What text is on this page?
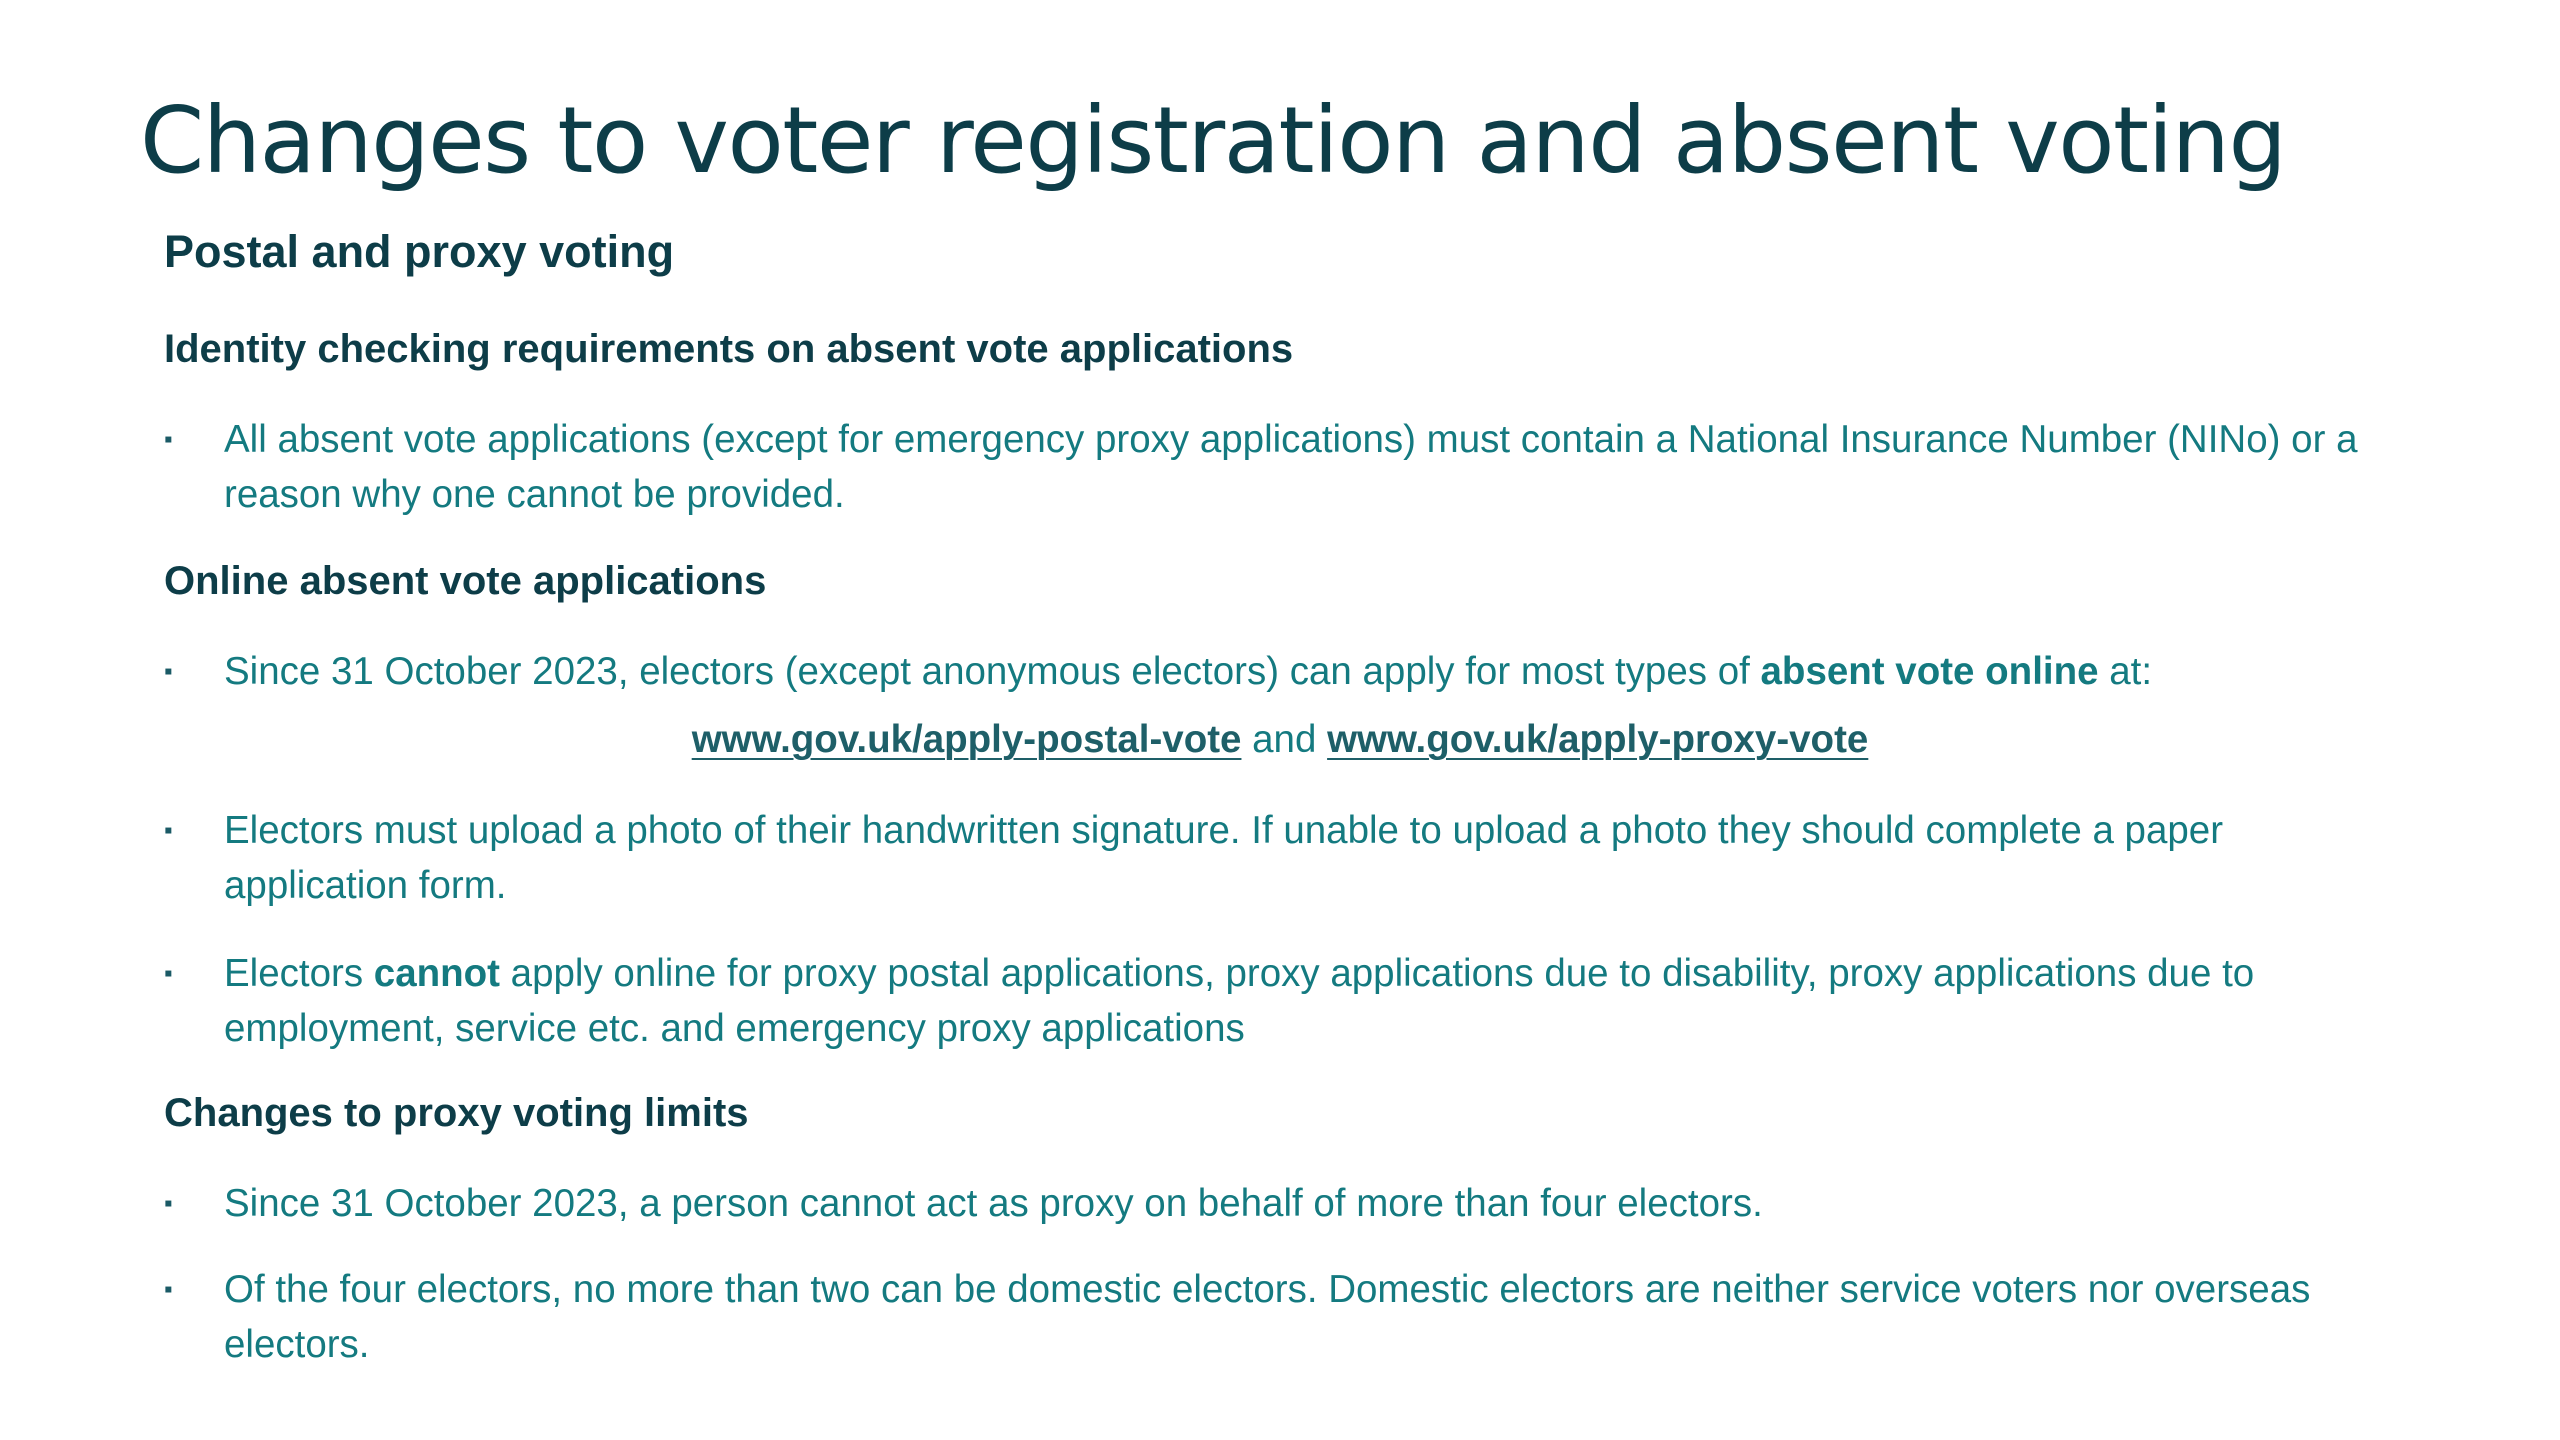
Changes to voter registration and absent voting
Postal and proxy voting
Identity checking requirements on absent vote applications
▪	All absent vote applications (except for emergency proxy applications) must contain a National Insurance Number (NINo) or a reason why one cannot be provided.
Online absent vote applications
▪	Since 31 October 2023, electors (except anonymous electors) can apply for most types of absent vote online at:
www.gov.uk/apply-postal-vote and www.gov.uk/apply-proxy-vote
▪	Electors must upload a photo of their handwritten signature. If unable to upload a photo they should complete a paper application form.
▪	Electors cannot apply online for proxy postal applications, proxy applications due to disability, proxy applications due to employment, service etc. and emergency proxy applications
Changes to proxy voting limits
▪	Since 31 October 2023, a person cannot act as proxy on behalf of more than four electors.
▪	Of the four electors, no more than two can be domestic electors. Domestic electors are neither service voters nor overseas electors.
